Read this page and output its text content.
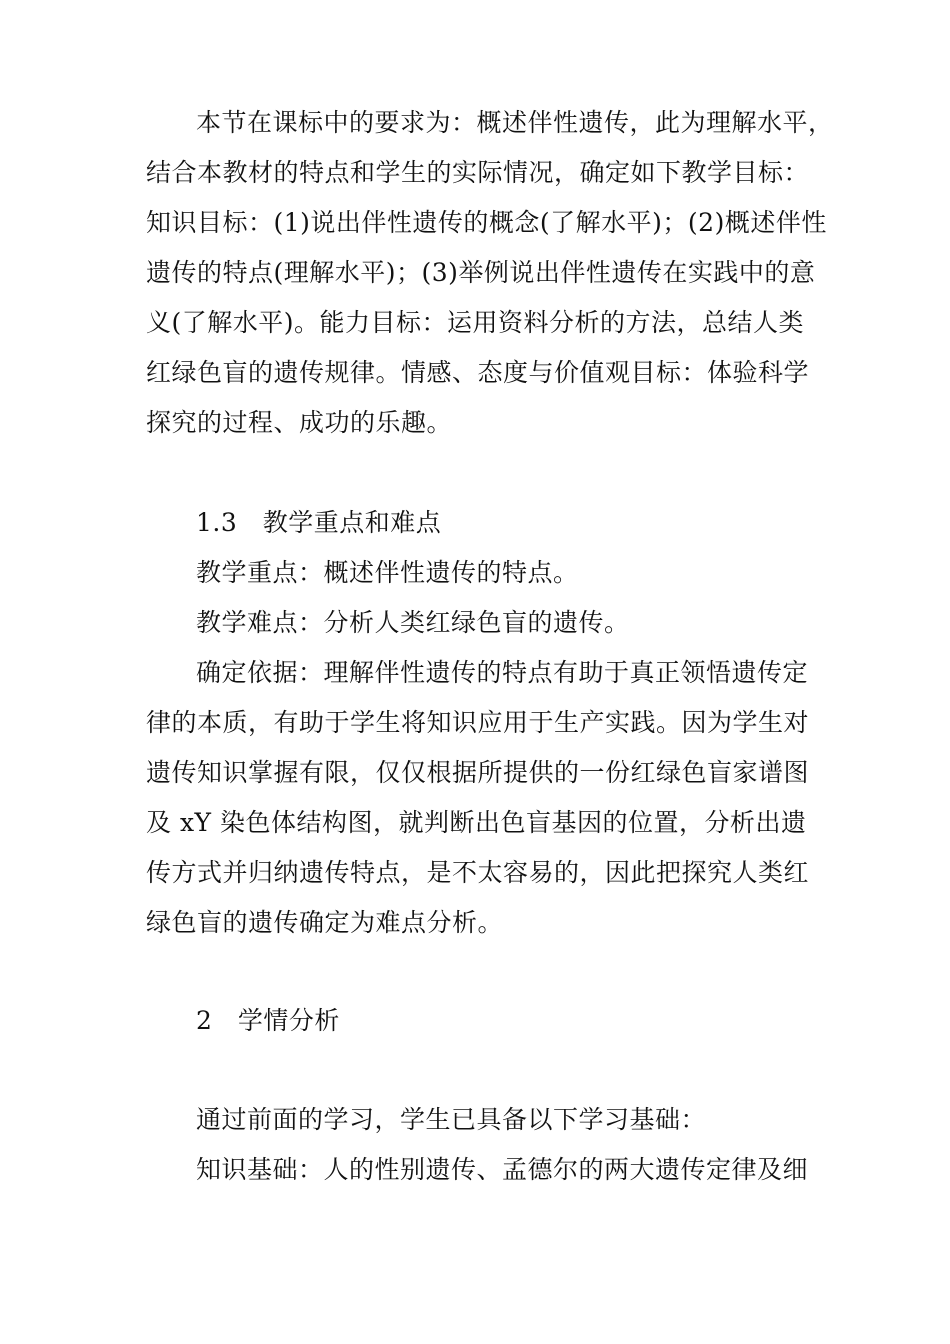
本节在课标中的要求为：概述伴性遗传，此为理解水平，
结合本教材的特点和学生的实际情况，确定如下教学目标：
知识目标：(1)说出伴性遗传的概念(了解水平)；(2)概述伴性
遗传的特点(理解水平)；(3)举例说出伴性遗传在实践中的意
义(了解水平)。能力目标：运用资料分析的方法，总结人类
红绿色盲的遗传规律。情感、态度与价值观目标：体验科学
探究的过程、成功的乐趣。
1.3　教学重点和难点
教学重点：概述伴性遗传的特点。
教学难点：分析人类红绿色盲的遗传。
确定依据：理解伴性遗传的特点有助于真正领悟遗传定
律的本质，有助于学生将知识应用于生产实践。因为学生对
遗传知识掌握有限，仅仅根据所提供的一份红绿色盲家谱图
及 xY 染色体结构图，就判断出色盲基因的位置，分析出遗
传方式并归纳遗传特点，是不太容易的，因此把探究人类红
绿色盲的遗传确定为难点分析。
2　学情分析
通过前面的学习，学生已具备以下学习基础：
知识基础：人的性别遗传、孟德尔的两大遗传定律及细
